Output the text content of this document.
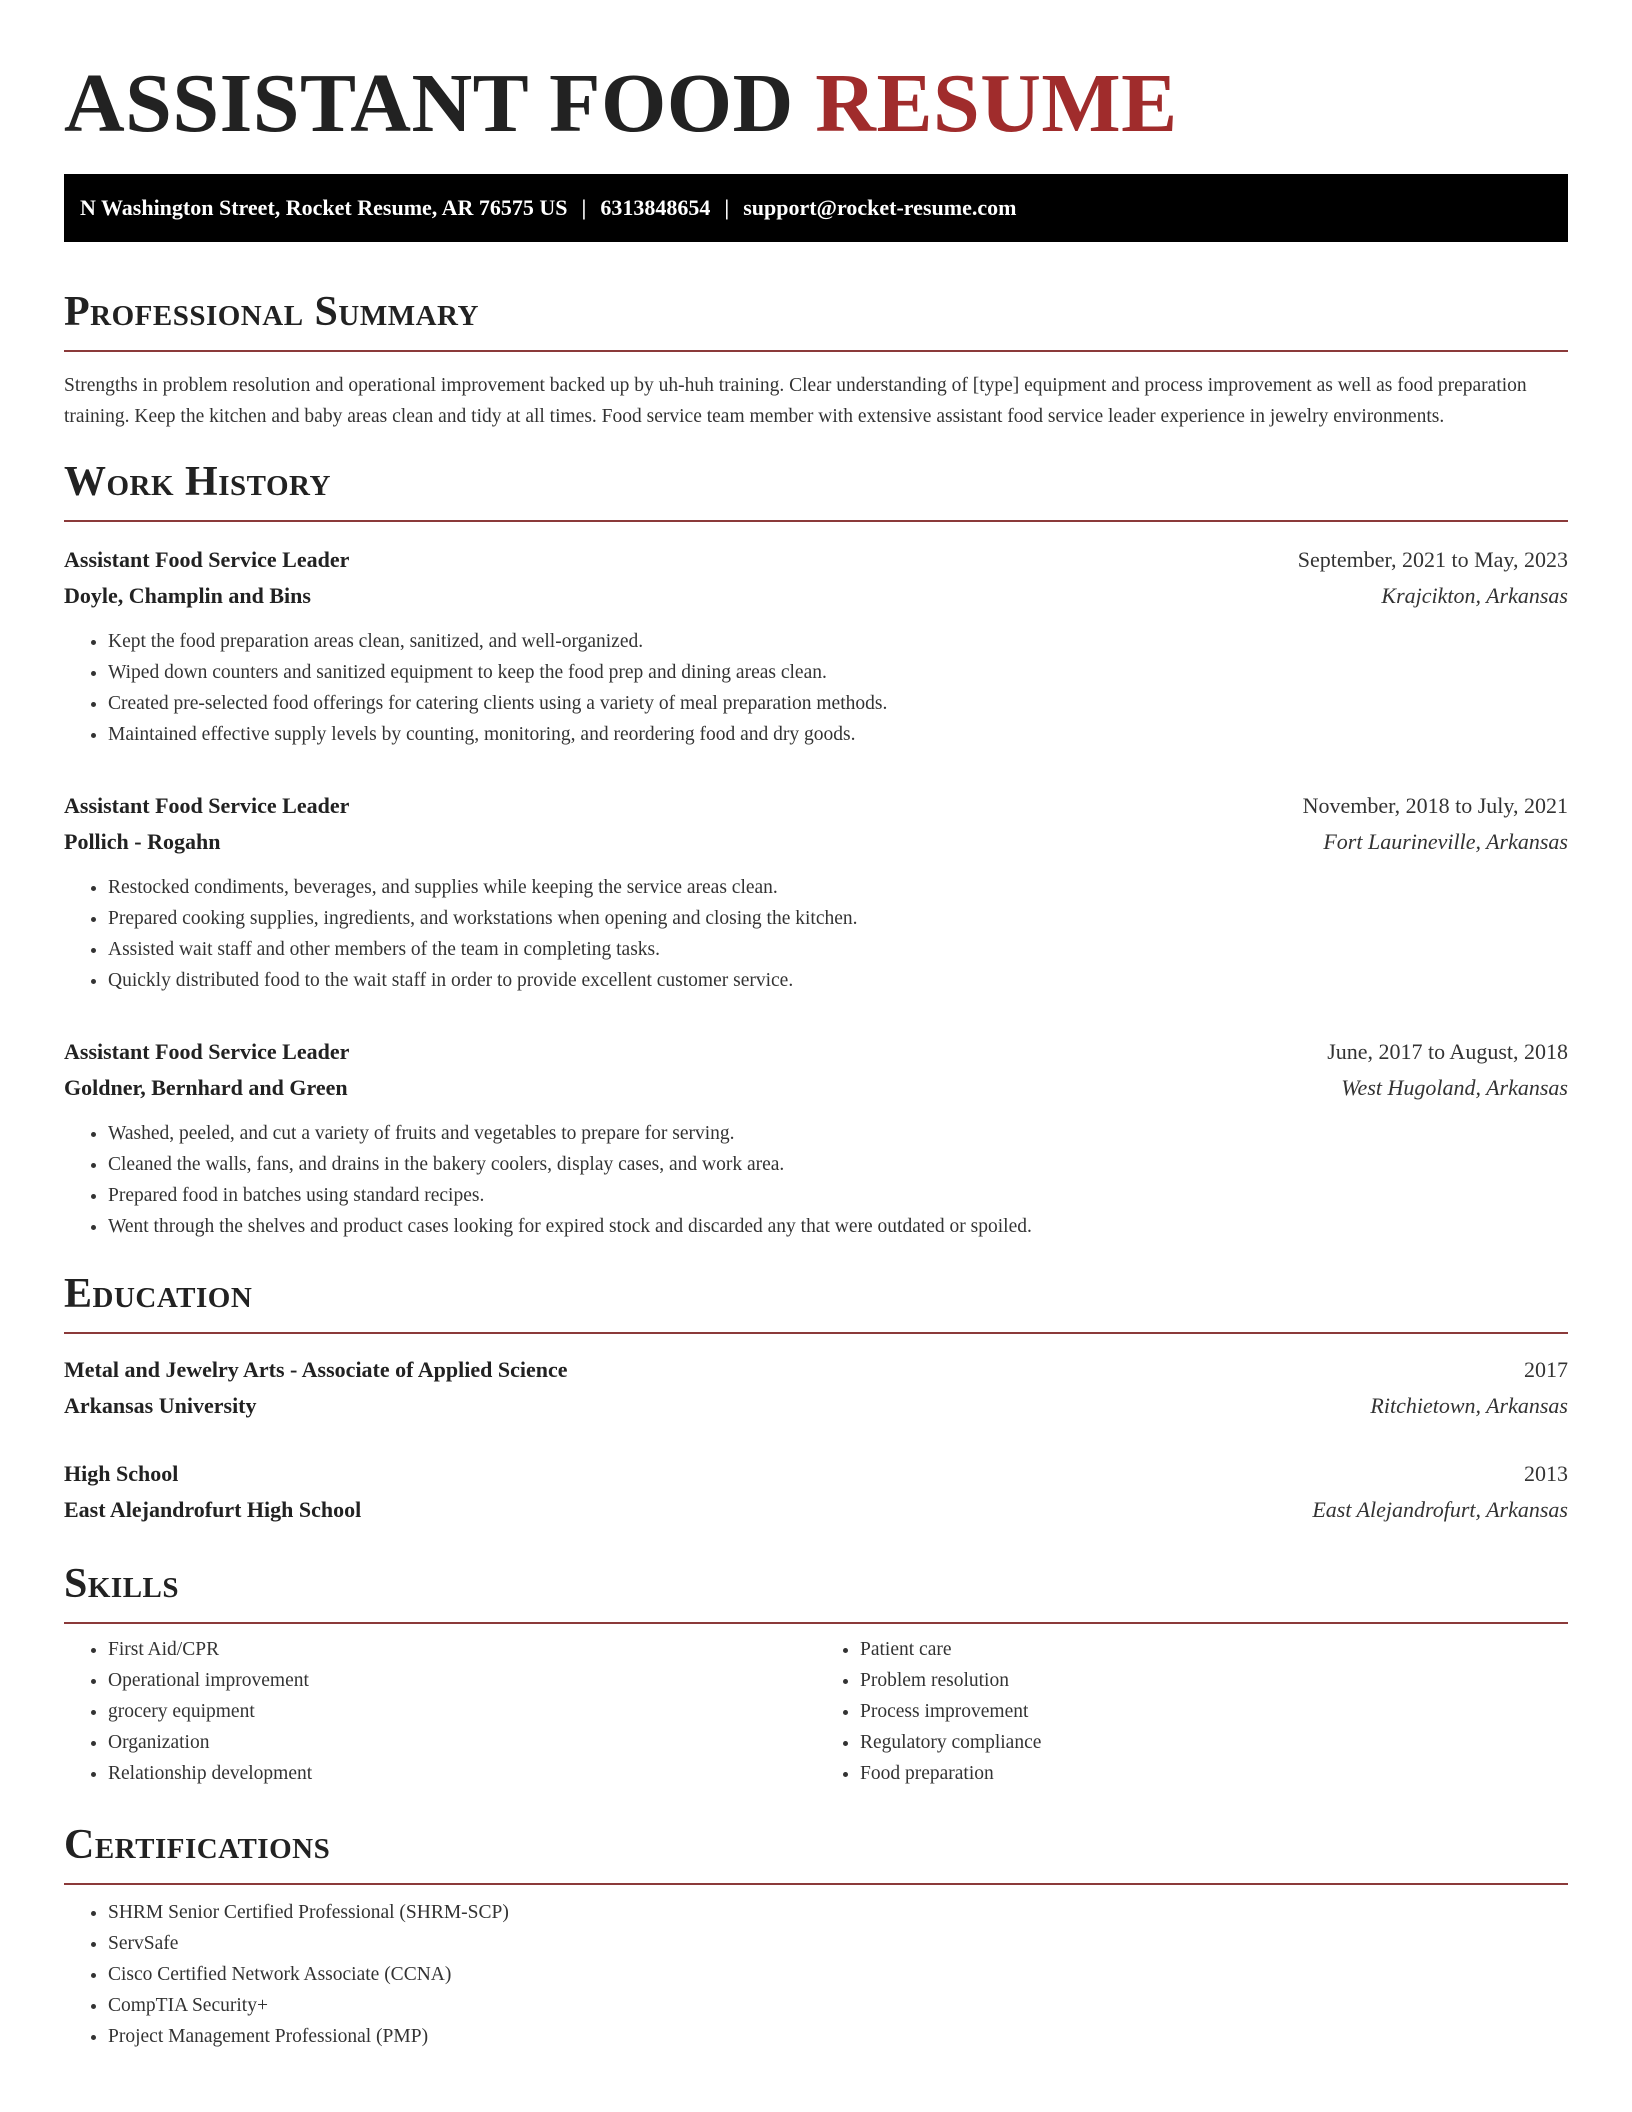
ASSISTANT FOOD RESUME
N Washington Street, Rocket Resume, AR 76575 US | 6313848654 | support@rocket-resume.com
Professional Summary

Strengths in problem resolution and operational improvement backed up by uh-huh training. Clear understanding of [type] equipment and process improvement as well as food preparation training. Keep the kitchen and baby areas clean and tidy at all times. Food service team member with extensive assistant food service leader experience in jewelry environments.

Work History
Assistant Food Service Leader	September, 2021 to May, 2023
Doyle, Champlin and Bins	Krajcikton, Arkansas
• Kept the food preparation areas clean, sanitized, and well-organized.
• Wiped down counters and sanitized equipment to keep the food prep and dining areas clean.
• Created pre-selected food offerings for catering clients using a variety of meal preparation methods.
• Maintained effective supply levels by counting, monitoring, and reordering food and dry goods.
Assistant Food Service Leader	November, 2018 to July, 2021
Pollich - Rogahn	Fort Laurineville, Arkansas
• Restocked condiments, beverages, and supplies while keeping the service areas clean.
• Prepared cooking supplies, ingredients, and workstations when opening and closing the kitchen.
• Assisted wait staff and other members of the team in completing tasks.
• Quickly distributed food to the wait staff in order to provide excellent customer service.
Assistant Food Service Leader	June, 2017 to August, 2018
Goldner, Bernhard and Green	West Hugoland, Arkansas
• Washed, peeled, and cut a variety of fruits and vegetables to prepare for serving.
• Cleaned the walls, fans, and drains in the bakery coolers, display cases, and work area.
• Prepared food in batches using standard recipes.
• Went through the shelves and product cases looking for expired stock and discarded any that were outdated or spoiled.
Education
Metal and Jewelry Arts - Associate of Applied Science	2017
Arkansas University	Ritchietown, Arkansas
High School	2013
East Alejandrofurt High School	East Alejandrofurt, Arkansas
Skills
• First Aid/CPR
• Operational improvement
• grocery equipment
• Organization
• Relationship development
• Patient care
• Problem resolution
• Process improvement
• Regulatory compliance
• Food preparation
Certifications
• SHRM Senior Certified Professional (SHRM-SCP)
• ServSafe
• Cisco Certified Network Associate (CCNA)
• CompTIA Security+
• Project Management Professional (PMP)
